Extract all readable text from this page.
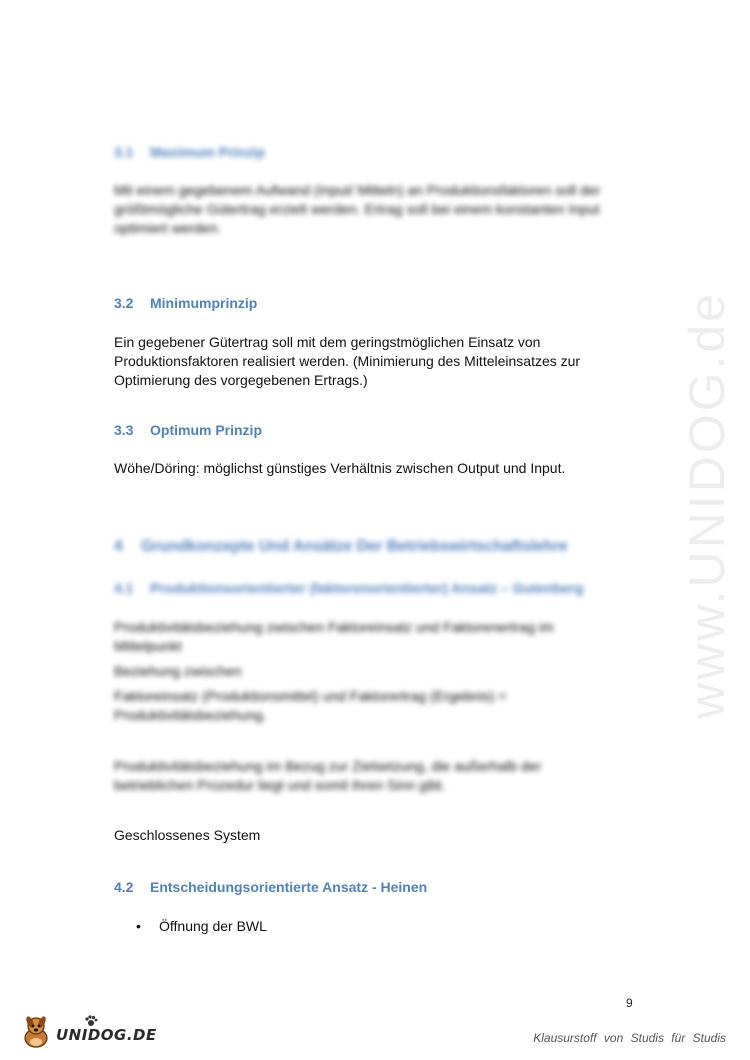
www.UNIDOG.de
3.1 Maximum Prinzip
Mit einem gegebenem Aufwand (Input/ Mitteln) an Produktionsfaktoren soll der größtmögliche Gütertrag erzielt werden. Ertrag soll bei einem konstanten Input optimiert werden.
3.2 Minimumprinzip
Ein gegebener Gütertrag soll mit dem geringstmöglichen Einsatz von Produktionsfaktoren realisiert werden. (Minimierung des Mitteleinsatzes zur Optimierung des vorgegebenen Ertrags.)
3.3 Optimum Prinzip
Wöhe/Döring: möglichst günstiges Verhältnis zwischen Output und Input.
4 Grundkonzepte Und Ansätze Der Betriebswirtschaftslehre
4.1 Produktionsorientierter (faktorenorientierter) Ansatz – Gutenberg
Produktivitätsbeziehung zwischen Faktoreinsatz und Faktorenertrag im Mittelpunkt
Beziehung zwischen
Faktoreinsatz (Produktionsmittel) und Faktorertrag (Ergebnis) = Produktivitätsbeziehung.
Produktivitätsbeziehung im Bezug zur Zielsetzung, die außerhalb der betrieblichen Prozedur liegt und somit ihren Sinn gibt.
Geschlossenes System
4.2 Entscheidungsorientierte Ansatz - Heinen
• Öffnung der BWL
9
UNIDOG.DE	Klausurstoff von Studis für Studis
